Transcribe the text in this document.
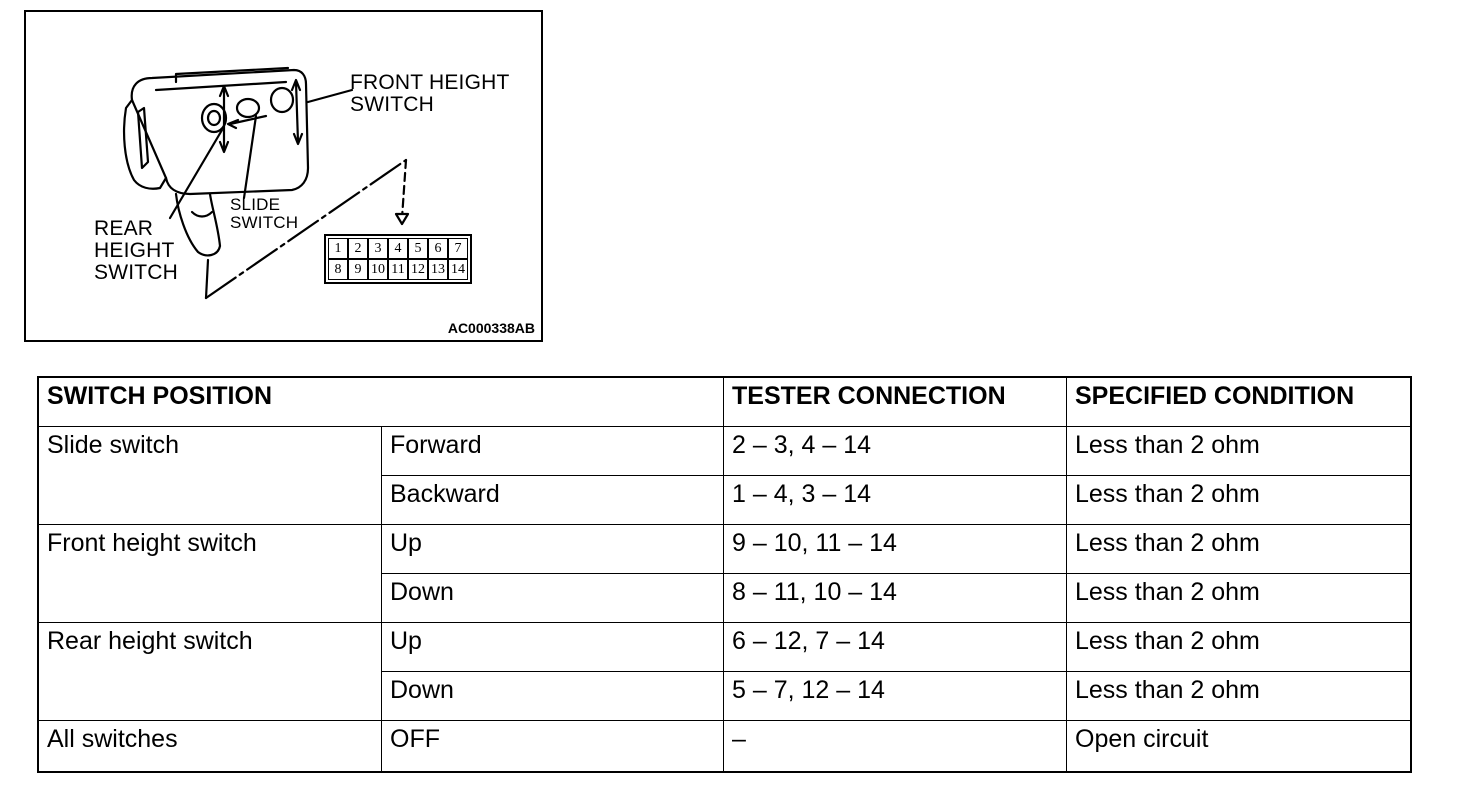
FRONT HEIGHT
SWITCH
SLIDE
SWITCH
REAR
HEIGHT
SWITCH
1 2 3 4 5 6 7
8 9 10 11 12 13 14
AC000338AB
SWITCH POSITION		TESTER CONNECTION	SPECIFIED CONDITION
Slide switch	Forward	2 – 3, 4 – 14	Less than 2 ohm
	Backward	1 – 4, 3 – 14	Less than 2 ohm
Front height switch	Up	9 – 10, 11 – 14	Less than 2 ohm
	Down	8 – 11, 10 – 14	Less than 2 ohm
Rear height switch	Up	6 – 12, 7 – 14	Less than 2 ohm
	Down	5 – 7, 12 – 14	Less than 2 ohm
All switches	OFF	–	Open circuit
